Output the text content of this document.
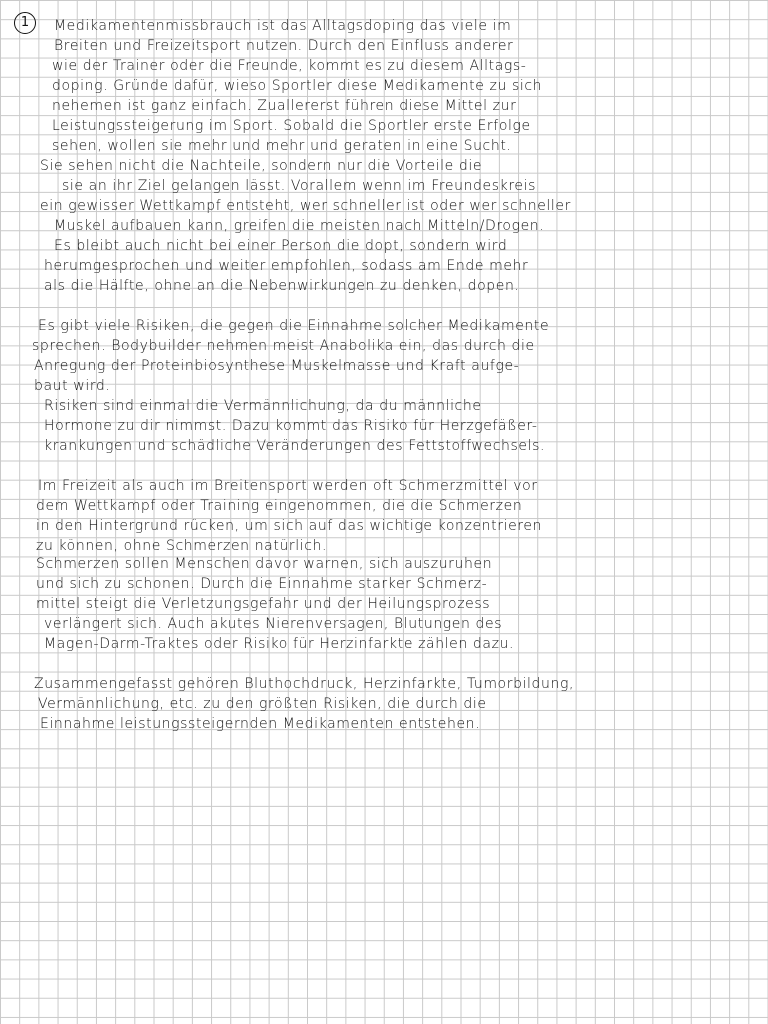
1	Medikamentenmissbrauch ist das Alltagsdoping das viele im
Breiten und Freizeitsport nutzen. Durch den Einfluss anderer
wie der Trainer oder die Freunde, kommt es zu diesem Alltags-
doping. Gründe dafür, wieso Sportler diese Medikamente zu sich
nehemen ist ganz einfach. Zuallererst führen diese Mittel zur
Leistungssteigerung im Sport. Sobald die Sportler erste Erfolge
sehen, wollen sie mehr und mehr und geraten in eine Sucht.
Sie sehen nicht die Nachteile, sondern nur die Vorteile die
sie an ihr Ziel gelangen lässt. Vorallem wenn im Freundeskreis
ein gewisser Wettkampf entsteht, wer schneller ist oder wer schneller
Muskel aufbauen kann, greifen die meisten nach Mitteln/Drogen.
Es bleibt auch nicht bei einer Person die dopt, sondern wird
herumgesprochen und weiter empfohlen, sodass am Ende mehr
als die Hälfte, ohne an die Nebenwirkungen zu denken, dopen.
Es gibt viele Risiken, die gegen die Einnahme solcher Medikamente
sprechen. Bodybuilder nehmen meist Anabolika ein, das durch die
Anregung der Proteinbiosynthese Muskelmasse und Kraft aufge-
baut wird.
Risiken sind einmal die Vermännlichung, da du männliche
Hormone zu dir nimmst. Dazu kommt das Risiko für Herzgefäßer-
krankungen und schädliche Veränderungen des Fettstoffwechsels.
Im Freizeit als auch im Breitensport werden oft Schmerzmittel vor
dem Wettkampf oder Training eingenommen, die die Schmerzen
in den Hintergrund rücken, um sich auf das wichtige konzentrieren
zu können, ohne Schmerzen natürlich.
Schmerzen sollen Menschen davor warnen, sich auszuruhen
und sich zu schonen. Durch die Einnahme starker Schmerz-
mittel steigt die Verletzungsgefahr und der Heilungsprozess
verlängert sich. Auch akutes Nierenversagen, Blutungen des
Magen-Darm-Traktes oder Risiko für Herzinfarkte zählen dazu.
Zusammengefasst gehören Bluthochdruck, Herzinfarkte, Tumorbildung,
Vermännlichung, etc. zu den größten Risiken, die durch die
Einnahme leistungssteigernden Medikamenten entstehen.
